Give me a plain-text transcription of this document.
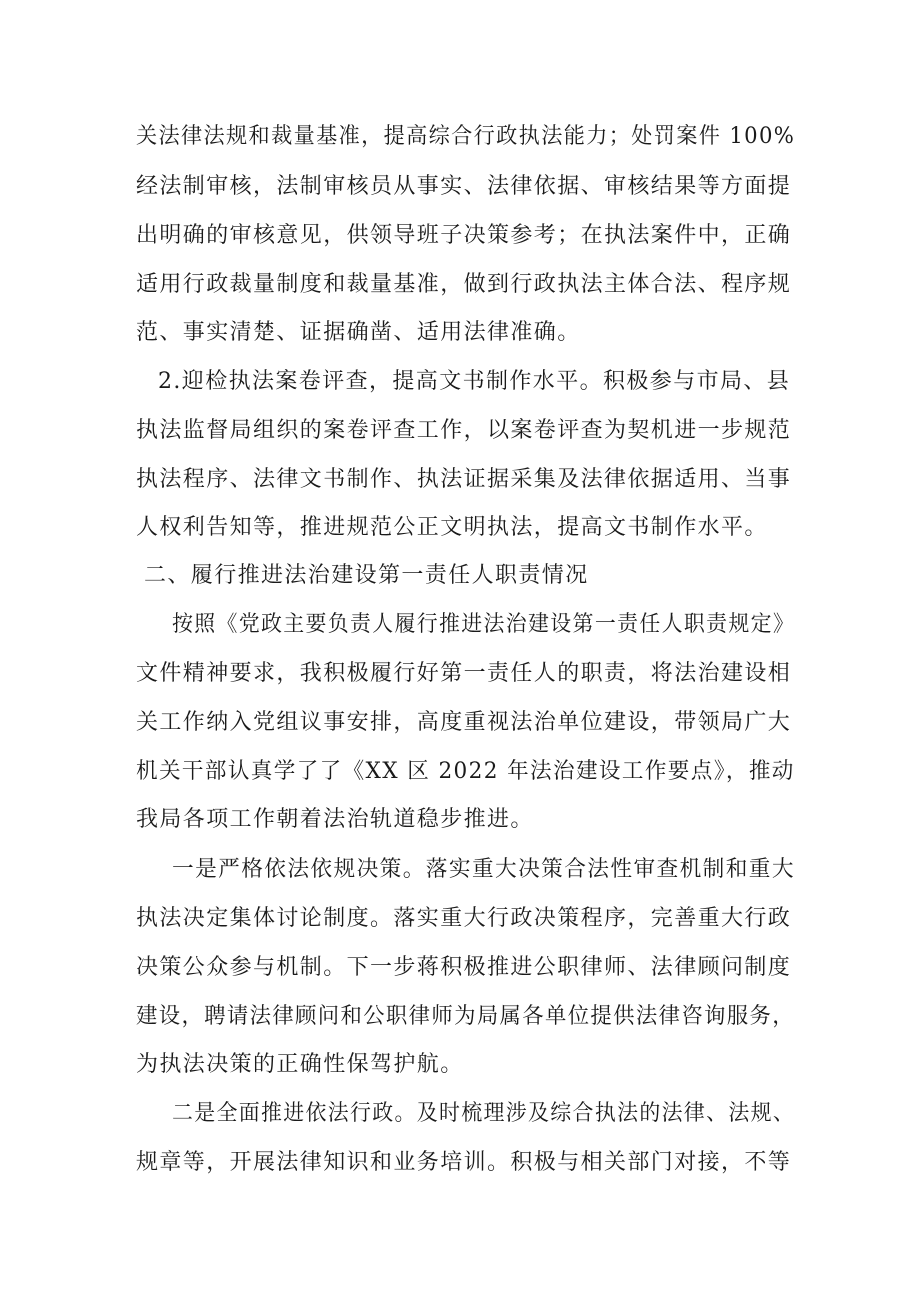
关法律法规和裁量基准，提高综合行政执法能力；处罚案件 100%
经法制审核，法制审核员从事实、法律依据、审核结果等方面提
出明确的审核意见，供领导班子决策参考；在执法案件中，正确
适用行政裁量制度和裁量基准，做到行政执法主体合法、程序规
范、事实清楚、证据确凿、适用法律准确。
2.迎检执法案卷评查，提高文书制作水平。积极参与市局、县
执法监督局组织的案卷评查工作，以案卷评查为契机进一步规范
执法程序、法律文书制作、执法证据采集及法律依据适用、当事
人权利告知等，推进规范公正文明执法，提高文书制作水平。
二、履行推进法治建设第一责任人职责情况
按照《党政主要负责人履行推进法治建设第一责任人职责规定》
文件精神要求，我积极履行好第一责任人的职责，将法治建设相
关工作纳入党组议事安排，高度重视法治单位建设，带领局广大
机关干部认真学了了《XX 区 2022 年法治建设工作要点》，推动
我局各项工作朝着法治轨道稳步推进。
一是严格依法依规决策。落实重大决策合法性审查机制和重大
执法决定集体讨论制度。落实重大行政决策程序，完善重大行政
决策公众参与机制。下一步蒋积极推进公职律师、法律顾问制度
建设，聘请法律顾问和公职律师为局属各单位提供法律咨询服务，
为执法决策的正确性保驾护航。
二是全面推进依法行政。及时梳理涉及综合执法的法律、法规、
规章等，开展法律知识和业务培训。积极与相关部门对接，不等
